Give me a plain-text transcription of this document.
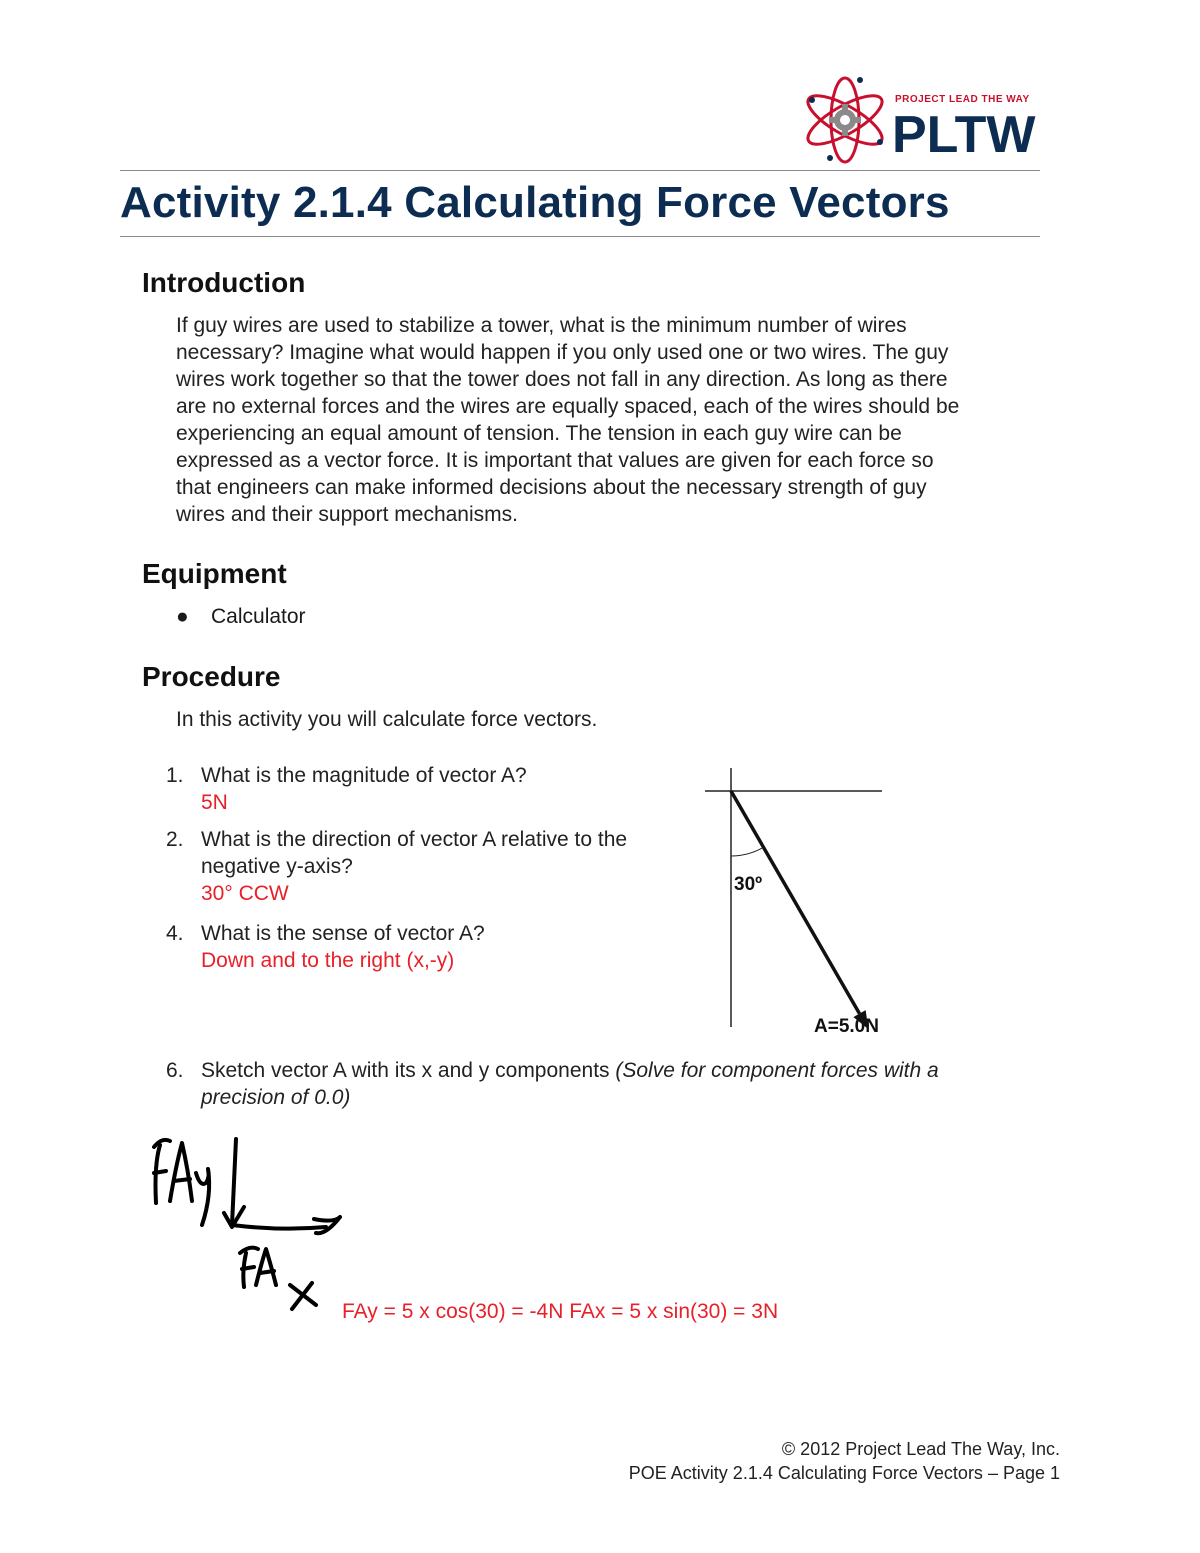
PROJECT LEAD THE WAY
PLTW
Activity 2.1.4 Calculating Force Vectors
Introduction
If guy wires are used to stabilize a tower, what is the minimum number of wires
necessary? Imagine what would happen if you only used one or two wires. The guy
wires work together so that the tower does not fall in any direction. As long as there
are no external forces and the wires are equally spaced, each of the wires should be
experiencing an equal amount of tension. The tension in each guy wire can be
expressed as a vector force. It is important that values are given for each force so
that engineers can make informed decisions about the necessary strength of guy
wires and their support mechanisms.
Equipment
● Calculator
Procedure
In this activity you will calculate force vectors.
1. What is the magnitude of vector A?
5N
2. What is the direction of vector A relative to the
negative y-axis?
30° CCW
4. What is the sense of vector A?
Down and to the right (x,-y)
30º
A=5.0N
6. Sketch vector A with its x and y components (Solve for component forces with a
precision of 0.0)
FAy = 5 x cos(30) = -4N FAx = 5 x sin(30) = 3N
© 2012 Project Lead The Way, Inc.
POE Activity 2.1.4 Calculating Force Vectors – Page 1
